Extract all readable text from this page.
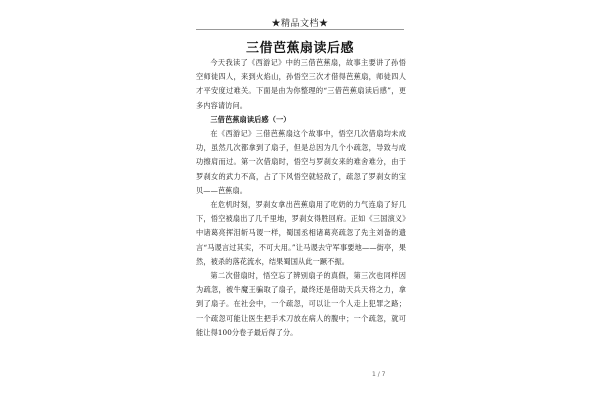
★精品文档★
三借芭蕉扇读后感

今天我读了《西游记》中的三借芭蕉扇，故事主要讲了孙悟空师徒四人，来到火焰山，孙悟空三次才借得芭蕉扇，师徒四人才平安度过难关。下面是由为你整理的“三借芭蕉扇读后感”，更多内容请访问。

三借芭蕉扇读后感（一）

在《西游记》三借芭蕉扇这个故事中，悟空几次借扇均未成功，虽然几次都拿到了扇子，但是总因为几个小疏忽，导致与成功擦肩而过。第一次借扇时，悟空与罗刹女来的难舍难分，由于罗刹女的武力不高，占了下风悟空就轻敌了，疏忽了罗刹女的宝贝——芭蕉扇。

在危机时刻，罗刹女拿出芭蕉扇用了吃奶的力气连扇了好几下，悟空被扇出了几千里地，罗刹女得胜回府。正如《三国演义》中诸葛亮挥泪斩马谡一样，蜀国丞相诸葛亮疏忽了先主刘备的遗言“马谡言过其实，不可大用。”让马谡去守军事要地——街亭，果然，被杀的落花流水，结果蜀国从此一蹶不振。

第二次借扇时，悟空忘了辨别扇子的真假，第三次也同样因为疏忽，被牛魔王骗取了扇子，最终还是借助天兵天将之力，拿到了扇子。在社会中，一个疏忽，可以让一个人走上犯罪之路；一个疏忽可能让医生把手术刀放在病人的腹中；一个疏忽，就可能让得100分卷子最后得了分。

1 / 7
